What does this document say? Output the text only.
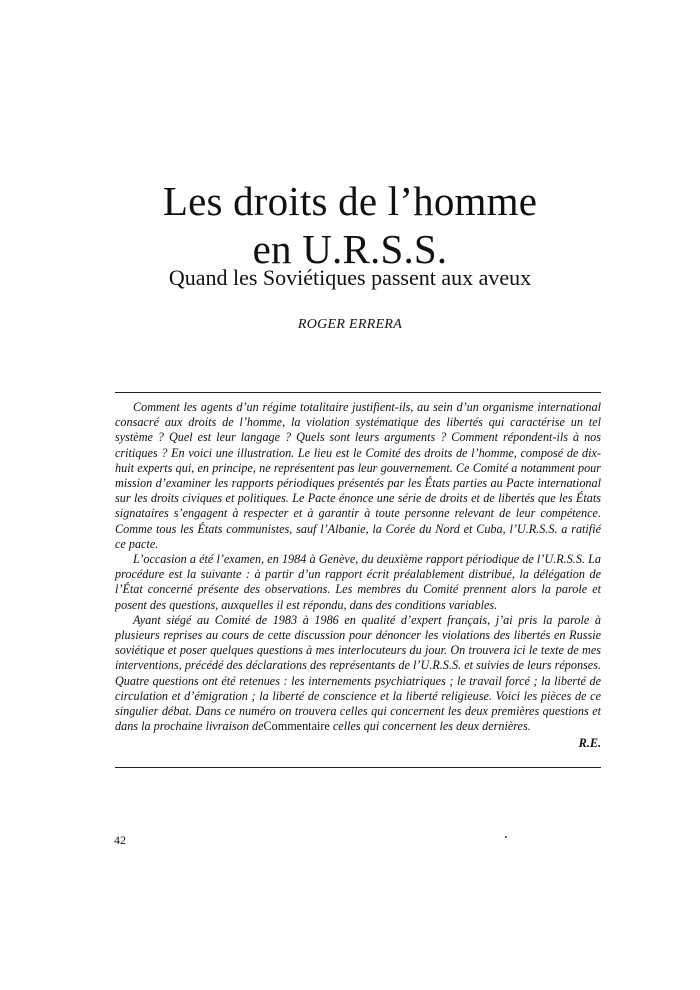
Les droits de l’homme
en U.R.S.S.
Quand les Soviétiques passent aux aveux
ROGER ERRERA

Comment les agents d’un régime totalitaire justifient-ils, au sein d’un organisme international consacré aux droits de l’homme, la violation systématique des libertés qui caractérise un tel système ? Quel est leur langage ? Quels sont leurs arguments ? Comment répondent-ils à nos critiques ? En voici une illustration. Le lieu est le Comité des droits de l’homme, composé de dix-huit experts qui, en principe, ne représentent pas leur gouvernement. Ce Comité a notamment pour mission d’examiner les rapports périodiques présentés par les États parties au Pacte international sur les droits civiques et politiques. Le Pacte énonce une série de droits et de libertés que les États signataires s’engagent à respecter et à garantir à toute personne relevant de leur compétence. Comme tous les États communistes, sauf l’Albanie, la Corée du Nord et Cuba, l’U.R.S.S. a ratifié ce pacte.

L’occasion a été l’examen, en 1984 à Genève, du deuxième rapport périodique de l’U.R.S.S. La procédure est la suivante : à partir d’un rapport écrit préalablement distribué, la délégation de l’État concerné présente des observations. Les membres du Comité prennent alors la parole et posent des questions, auxquelles il est répondu, dans des conditions variables.

Ayant siégé au Comité de 1983 à 1986 en qualité d’expert français, j’ai pris la parole à plusieurs reprises au cours de cette discussion pour dénoncer les violations des libertés en Russie soviétique et poser quelques questions à mes interlocuteurs du jour. On trouvera ici le texte de mes interventions, précédé des déclarations des représentants de l’U.R.S.S. et suivies de leurs réponses. Quatre questions ont été retenues : les internements psychiatriques ; le travail forcé ; la liberté de circulation et d’émigration ; la liberté de conscience et la liberté religieuse. Voici les pièces de ce singulier débat. Dans ce numéro on trouvera celles qui concernent les deux premières questions et dans la prochaine livraison deCommentaire celles qui concernent les deux dernières.

R.E.

42
